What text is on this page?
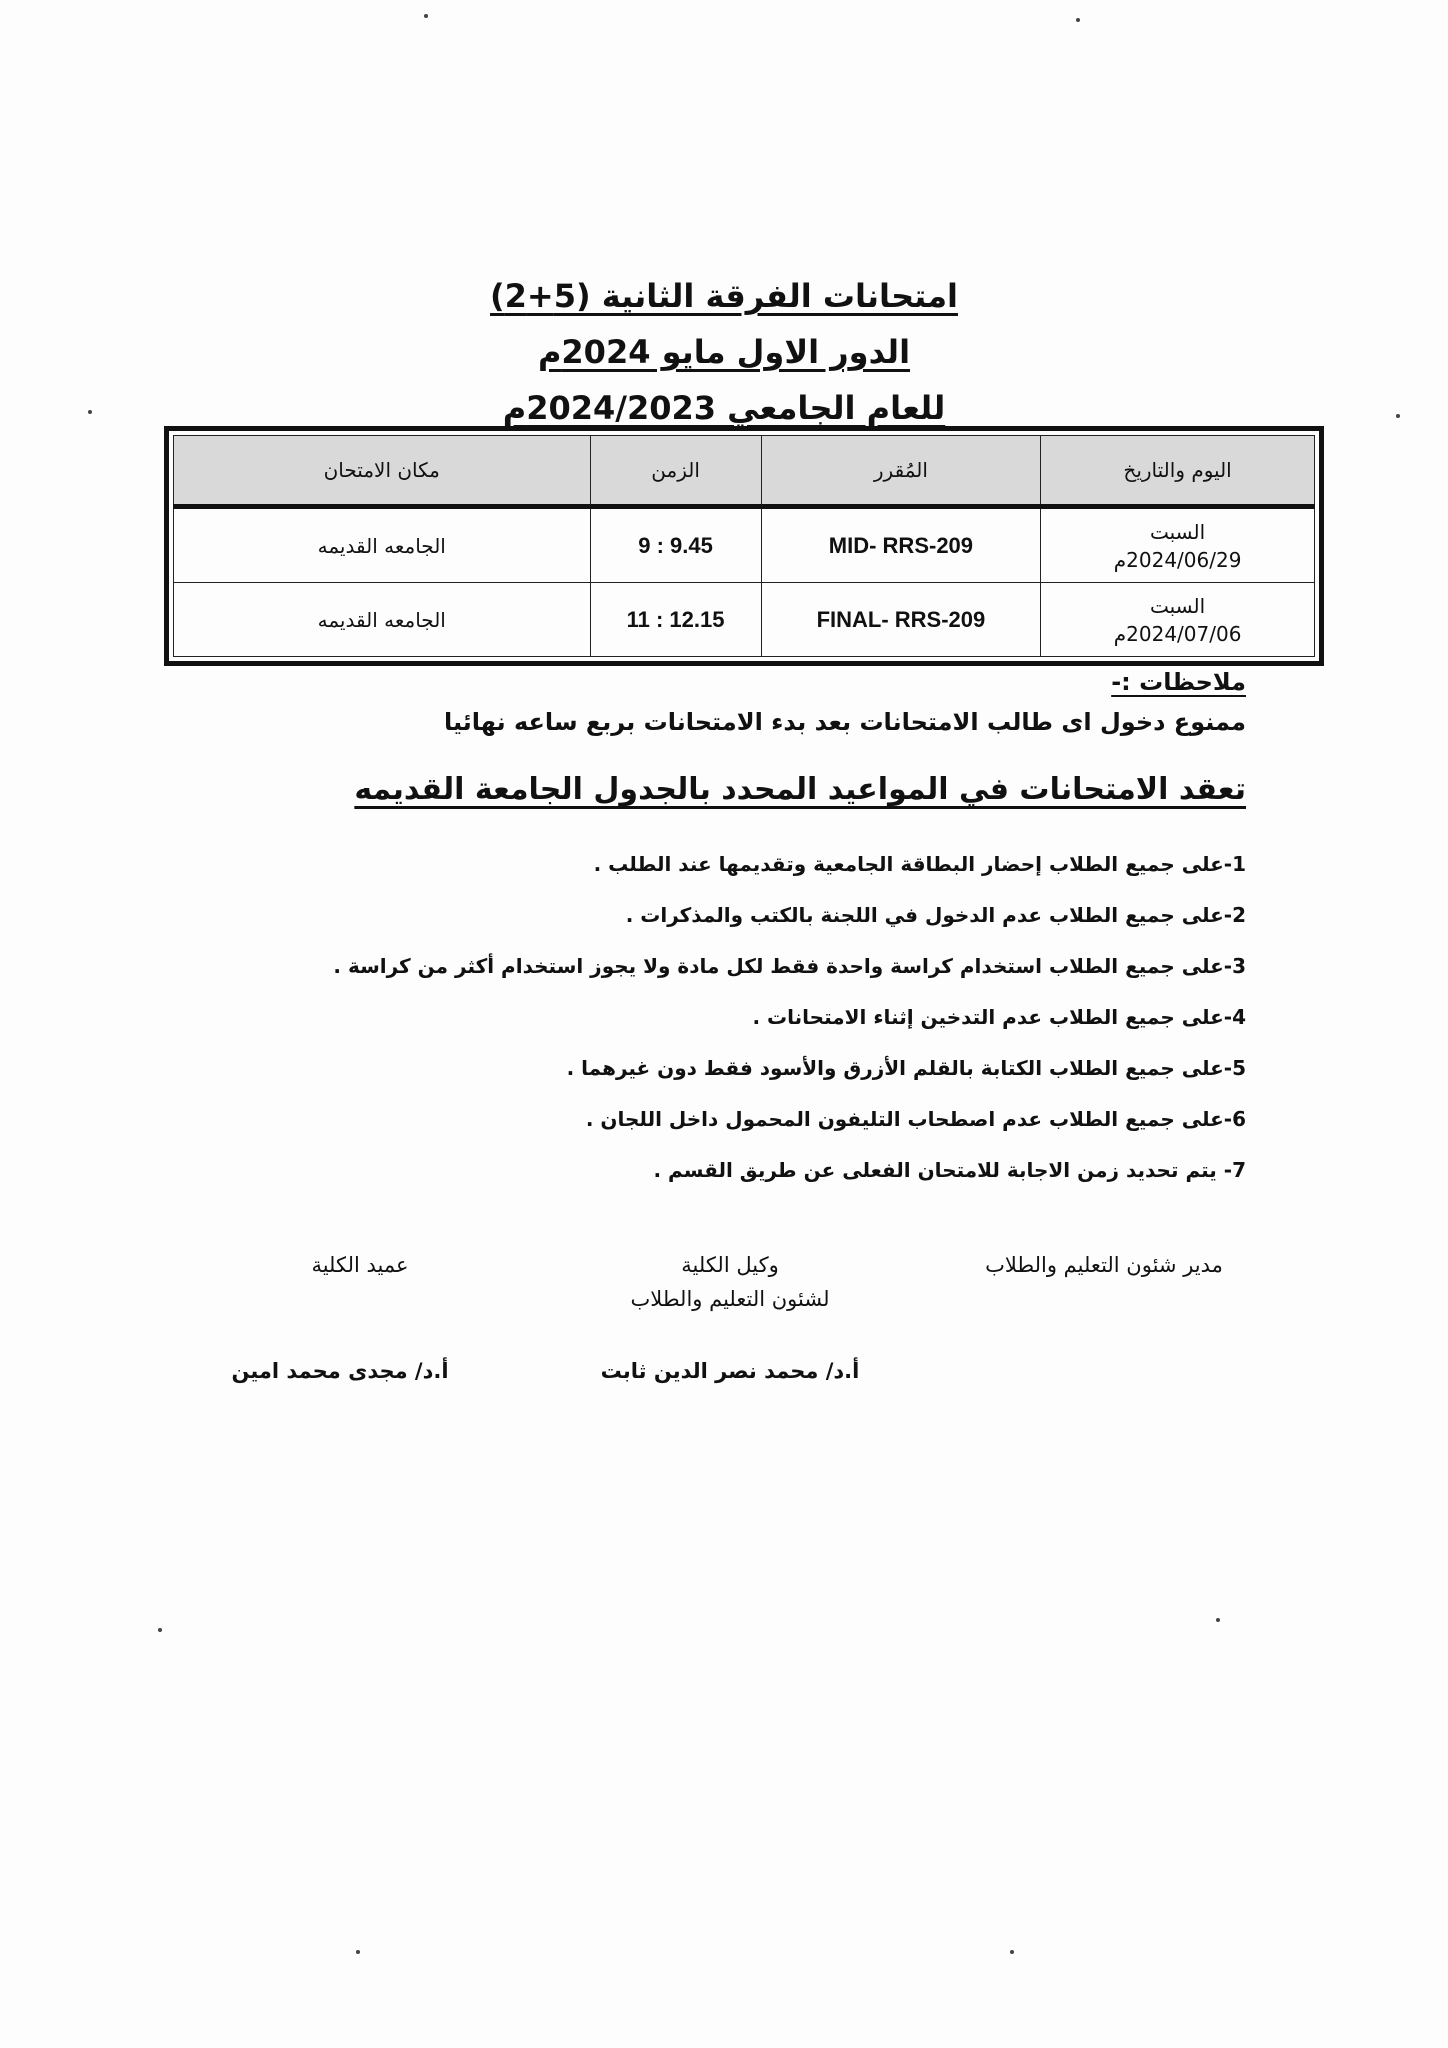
امتحانات الفرقة الثانية (5+2)
الدور الاول مايو 2024م
للعام الجامعي 2024/2023م
اليوم والتاريخ	المُقرر	الزمن	مكان الامتحان

السبت
2024/06/29م	MID- RRS-209	9 : 9.45	الجامعه القديمه

السبت
2024/07/06م	FINAL- RRS-209	11 : 12.15	الجامعه القديمه
ملاحظات :-
ممنوع دخول اى طالب الامتحانات بعد بدء الامتحانات بربع ساعه نهائيا
تعقد الامتحانات في المواعيد المحدد بالجدول الجامعة القديمه
1-على جميع الطلاب إحضار البطاقة الجامعية وتقديمها عند الطلب .
2-على جميع الطلاب عدم الدخول في اللجنة بالكتب والمذكرات .
3-على جميع الطلاب استخدام كراسة واحدة فقط لكل مادة ولا يجوز استخدام أكثر من كراسة .
4-على جميع الطلاب عدم التدخين إثناء الامتحانات .
5-على جميع الطلاب الكتابة بالقلم الأزرق والأسود فقط دون غيرهما .
6-على جميع الطلاب عدم اصطحاب التليفون المحمول داخل اللجان .
7- يتم تحديد زمن الاجابة للامتحان الفعلى عن طريق القسم .
مدير شئون التعليم والطلاب
وكيل الكلية
لشئون التعليم والطلاب
أ.د/ محمد نصر الدين ثابت
عميد الكلية
أ.د/ مجدى محمد امين
